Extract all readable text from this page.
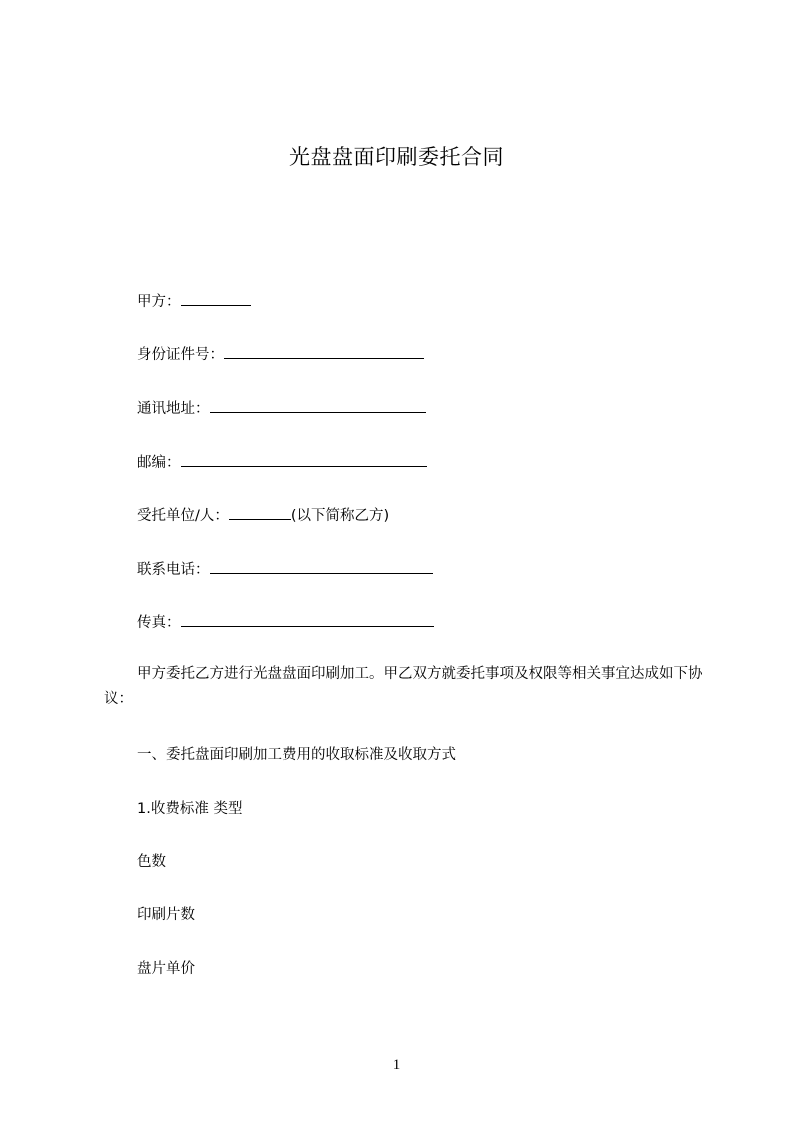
光盘盘面印刷委托合同
甲方：
身份证件号：
通讯地址：
邮编：
受托单位/人：	(以下简称乙方)
联系电话：
传真：
甲方委托乙方进行光盘盘面印刷加工。甲乙双方就委托事项及权限等相关事宜达成如下协议：
一、委托盘面印刷加工费用的收取标准及收取方式
1.收费标准 类型
色数
印刷片数
盘片单价
1
